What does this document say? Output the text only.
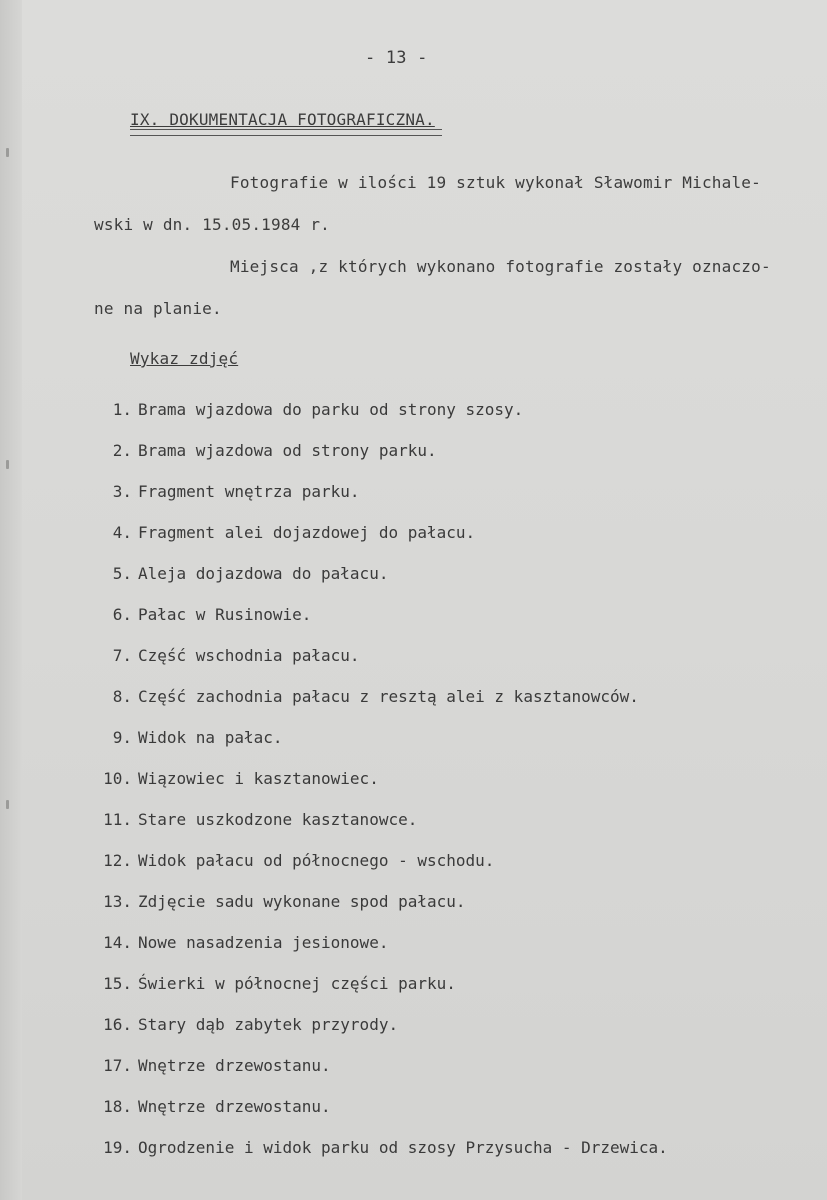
- 13 -
IX. DOKUMENTACJA FOTOGRAFICZNA.
Fotografie w ilości 19 sztuk wykonał Sławomir Michale-
wski w dn. 15.05.1984 r.
Miejsca ,z których wykonano fotografie zostały oznaczo-
ne na planie.
Wykaz zdjęć
1. Brama wjazdowa do parku od strony szosy.
2. Brama wjazdowa od strony parku.
3. Fragment wnętrza parku.
4. Fragment alei dojazdowej do pałacu.
5. Aleja dojazdowa do pałacu.
6. Pałac w Rusinowie.
7. Część wschodnia pałacu.
8. Część zachodnia pałacu z resztą alei z kasztanowców.
9. Widok na pałac.
10. Wiązowiec i kasztanowiec.
11. Stare uszkodzone kasztanowce.
12. Widok pałacu od północnego - wschodu.
13. Zdjęcie sadu wykonane spod pałacu.
14. Nowe nasadzenia jesionowe.
15. Świerki w północnej części parku.
16. Stary dąb zabytek przyrody.
17. Wnętrze drzewostanu.
18. Wnętrze drzewostanu.
19. Ogrodzenie i widok parku od szosy Przysucha - Drzewica.
